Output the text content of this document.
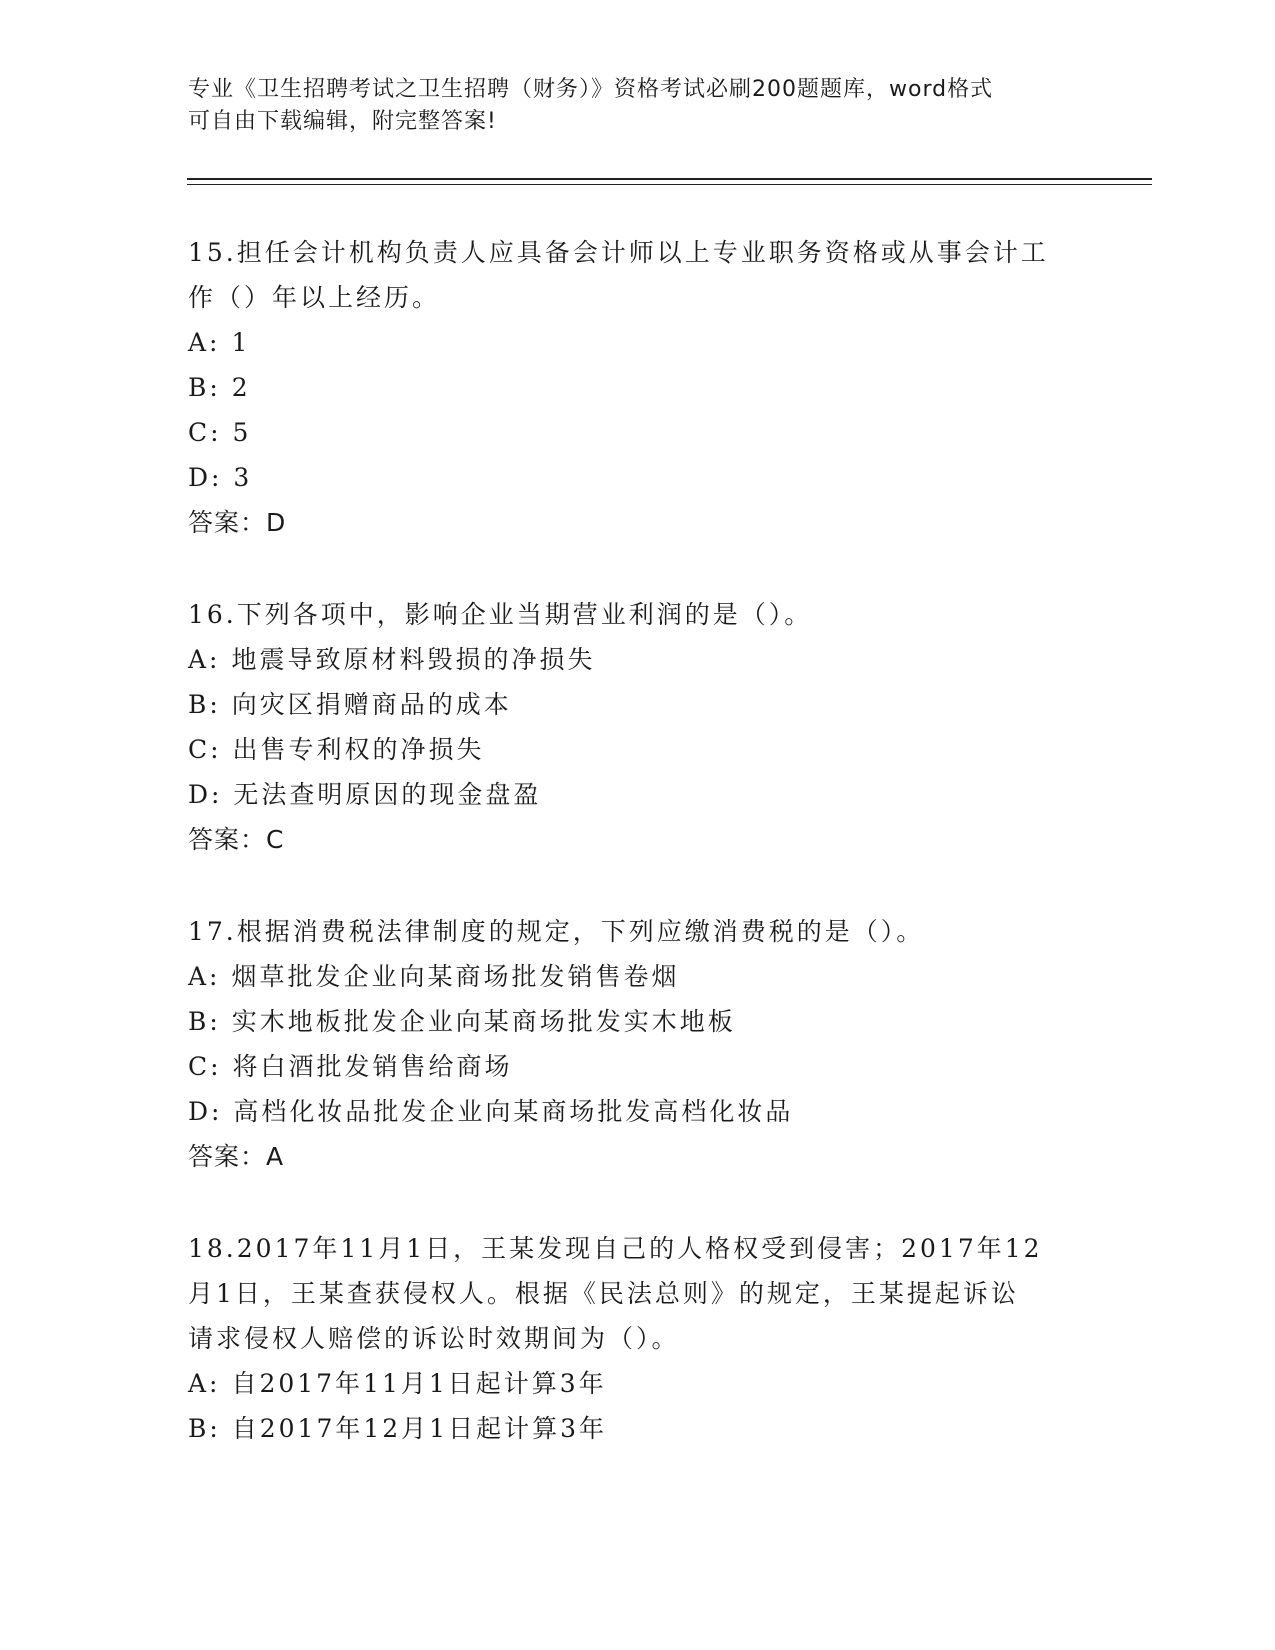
专业《卫生招聘考试之卫生招聘（财务）》资格考试必刷200题题库，word格式
可自由下载编辑，附完整答案!
15.担任会计机构负责人应具备会计师以上专业职务资格或从事会计工
作（）年以上经历。
A: 1
B: 2
C: 5
D: 3
答案：D
16.下列各项中，影响企业当期营业利润的是（）。
A: 地震导致原材料毁损的净损失
B: 向灾区捐赠商品的成本
C: 出售专利权的净损失
D: 无法查明原因的现金盘盈
答案：C
17.根据消费税法律制度的规定，下列应缴消费税的是（）。
A: 烟草批发企业向某商场批发销售卷烟
B: 实木地板批发企业向某商场批发实木地板
C: 将白酒批发销售给商场
D: 高档化妆品批发企业向某商场批发高档化妆品
答案：A
18.2017年11月1日，王某发现自己的人格权受到侵害；2017年12
月1日，王某查获侵权人。根据《民法总则》的规定，王某提起诉讼
请求侵权人赔偿的诉讼时效期间为（）。
A: 自2017年11月1日起计算3年
B: 自2017年12月1日起计算3年
